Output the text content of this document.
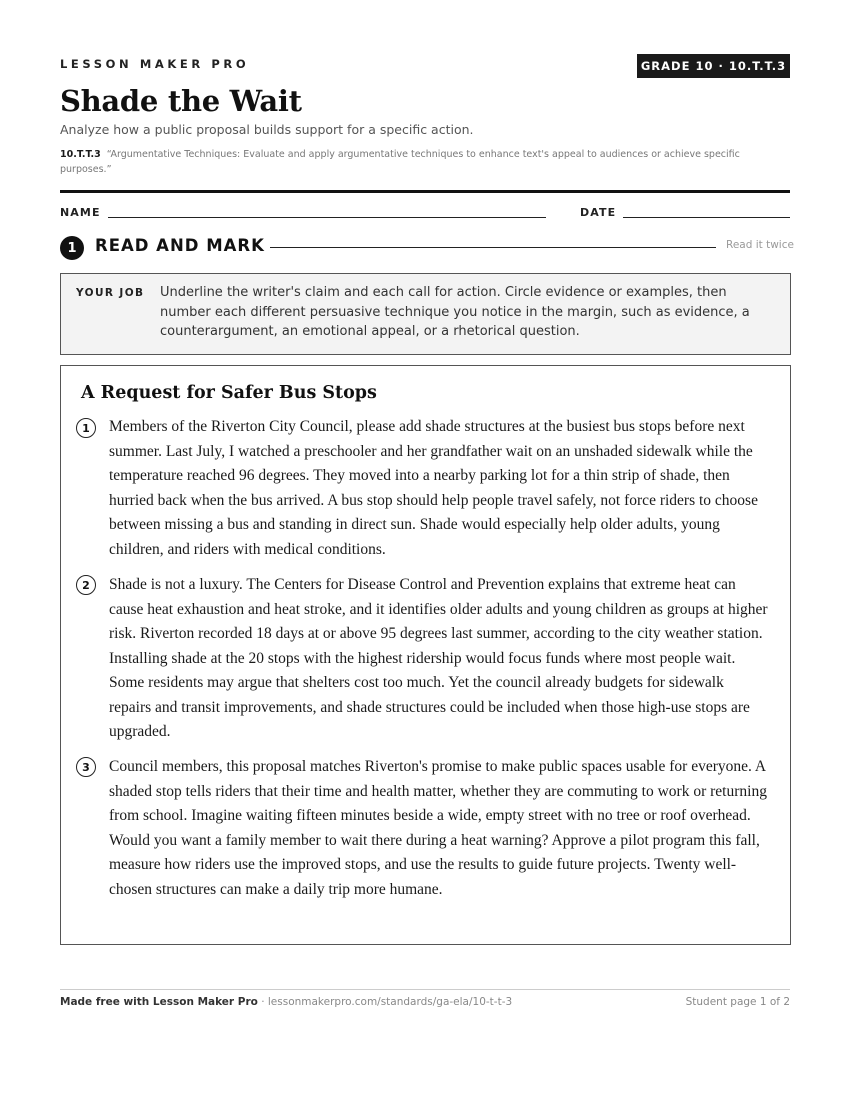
LESSON MAKER PRO	GRADE 10 · 10.T.T.3
Shade the Wait
Analyze how a public proposal builds support for a specific action.
10.T.T.3 “Argumentative Techniques: Evaluate and apply argumentative techniques to enhance text's appeal to audiences or achieve specific purposes.”
NAME	DATE
1	READ AND MARK	Read it twice
YOUR JOB Underline the writer's claim and each call for action. Circle evidence or examples, then number each different persuasive technique you notice in the margin, such as evidence, a counterargument, an emotional appeal, or a rhetorical question.
A Request for Safer Bus Stops
1	Members of the Riverton City Council, please add shade structures at the busiest bus stops before next summer. Last July, I watched a preschooler and her grandfather wait on an unshaded sidewalk while the temperature reached 96 degrees. They moved into a nearby parking lot for a thin strip of shade, then hurried back when the bus arrived. A bus stop should help people travel safely, not force riders to choose between missing a bus and standing in direct sun. Shade would especially help older adults, young children, and riders with medical conditions.
2	Shade is not a luxury. The Centers for Disease Control and Prevention explains that extreme heat can cause heat exhaustion and heat stroke, and it identifies older adults and young children as groups at higher risk. Riverton recorded 18 days at or above 95 degrees last summer, according to the city weather station. Installing shade at the 20 stops with the highest ridership would focus funds where most people wait. Some residents may argue that shelters cost too much. Yet the council already budgets for sidewalk repairs and transit improvements, and shade structures could be included when those high-use stops are upgraded.
3	Council members, this proposal matches Riverton's promise to make public spaces usable for everyone. A shaded stop tells riders that their time and health matter, whether they are commuting to work or returning from school. Imagine waiting fifteen minutes beside a wide, empty street with no tree or roof overhead. Would you want a family member to wait there during a heat warning? Approve a pilot program this fall, measure how riders use the improved stops, and use the results to guide future projects. Twenty well-chosen structures can make a daily trip more humane.
Made free with Lesson Maker Pro · lessonmakerpro.com/standards/ga-ela/10-t-t-3	Student page 1 of 2
